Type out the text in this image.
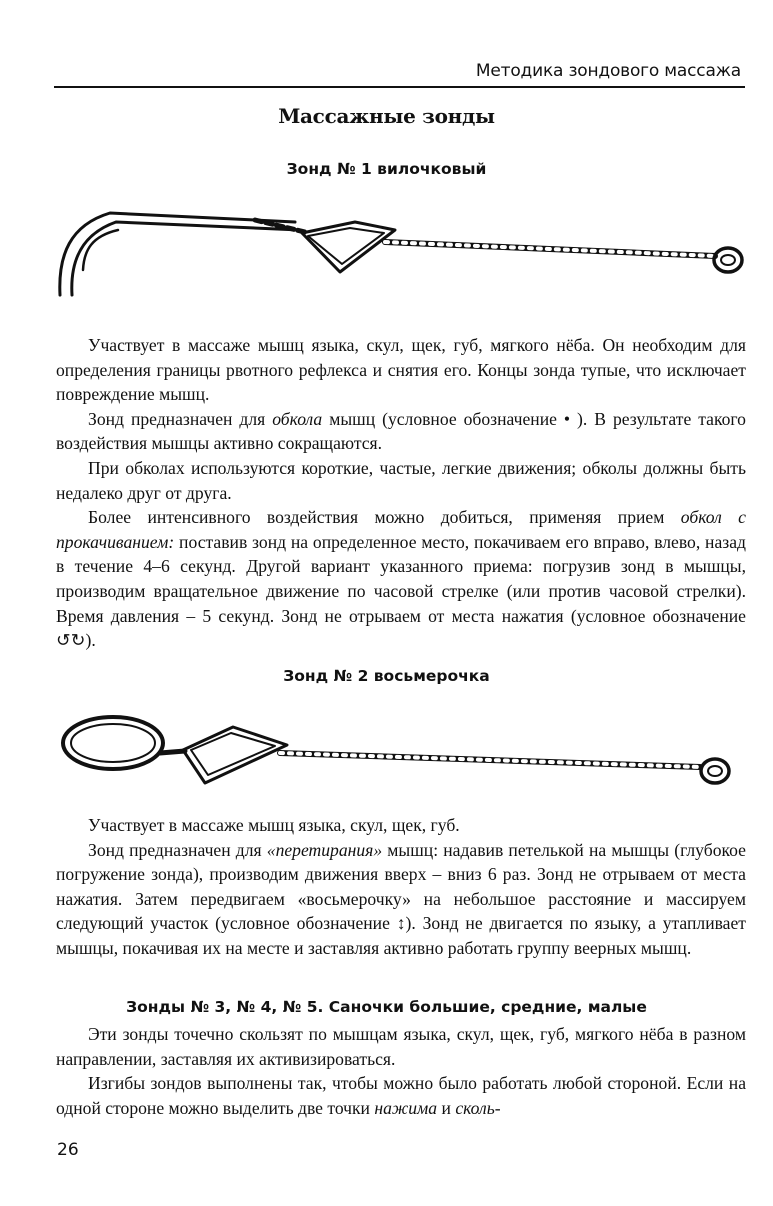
Методика зондового массажа
Массажные зонды
Зонд № 1 вилочковый

Участвует в массаже мышц языка, скул, щек, губ, мягкого нёба. Он необходим для определения границы рвотного рефлекса и снятия его. Концы зонда тупые, что исключает повреждение мышц.

Зонд предназначен для обкола мышц (условное обозначение • ). В результате такого воздействия мышцы активно сокращаются.

При обколах используются короткие, частые, легкие движения; обколы должны быть недалеко друг от друга.

Более интенсивного воздействия можно добиться, применяя прием обкол с прокачиванием: поставив зонд на определенное место, покачиваем его вправо, влево, назад в течение 4–6 секунд. Другой вариант указанного приема: погрузив зонд в мышцы, производим вращательное движение по часовой стрелке (или против часовой стрелки). Время давления – 5 секунд. Зонд не отрываем от места нажатия (условное обозначение ↺↻).

Зонд № 2 восьмерочка

Участвует в массаже мышц языка, скул, щек, губ.

Зонд предназначен для «перетирания» мышц: надавив петелькой на мышцы (глубокое погружение зонда), производим движения вверх – вниз 6 раз. Зонд не отрываем от места нажатия. Затем передвигаем «восьмерочку» на небольшое расстояние и массируем следующий участок (условное обозначение ↕). Зонд не двигается по языку, а утапливает мышцы, покачивая их на месте и заставляя активно работать группу веерных мышц.

Зонды № 3, № 4, № 5. Саночки большие, средние, малые

Эти зонды точечно скользят по мышцам языка, скул, щек, губ, мягкого нёба в разном направлении, заставляя их активизироваться.

Изгибы зондов выполнены так, чтобы можно было работать любой стороной. Если на одной стороне можно выделить две точки нажима и сколь-

26
